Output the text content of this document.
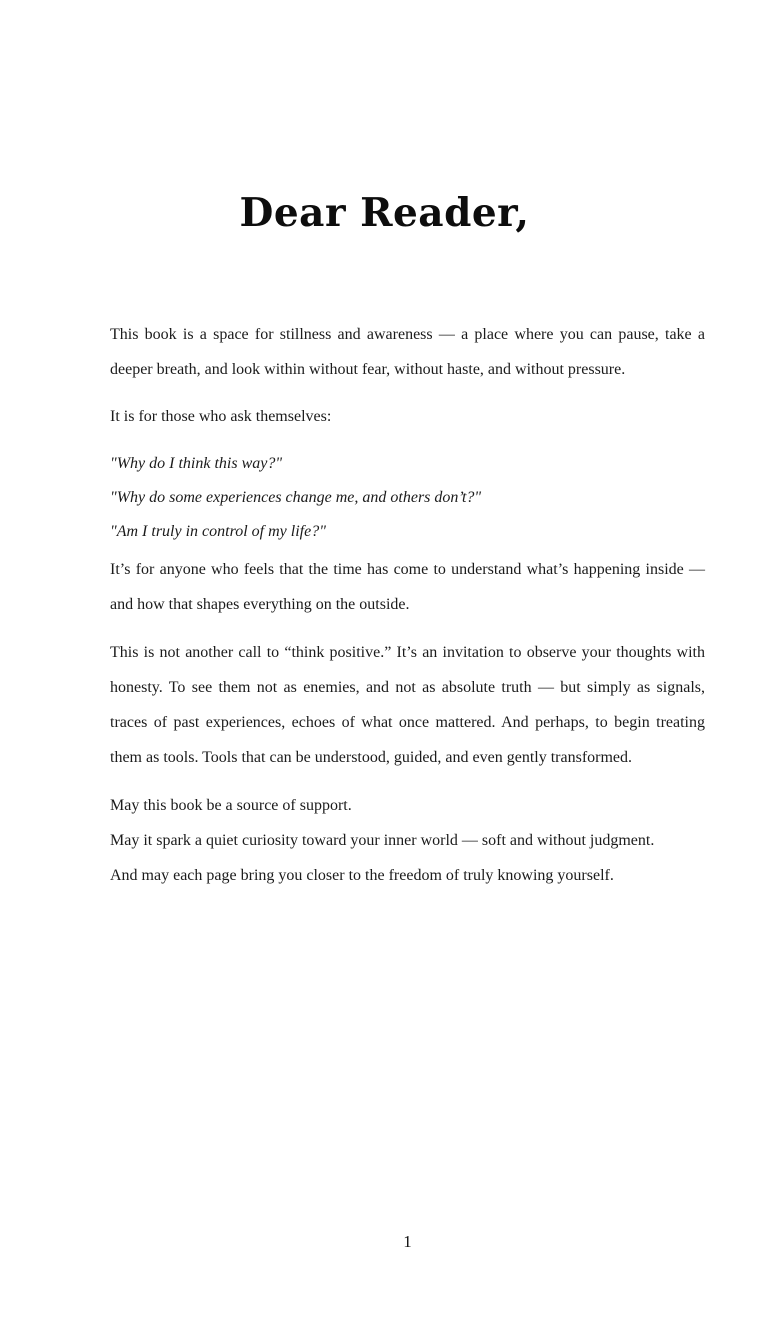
Dear Reader,

This book is a space for stillness and awareness — a place where you can pause, take a deeper breath, and look within without fear, without haste, and without pressure.

It is for those who ask themselves:

"Why do I think this way?"

"Why do some experiences change me, and others don’t?"

"Am I truly in control of my life?"

It’s for anyone who feels that the time has come to understand what’s happening inside — and how that shapes everything on the outside.

This is not another call to “think positive.” It’s an invitation to observe your thoughts with honesty. To see them not as enemies, and not as absolute truth — but simply as signals, traces of past experiences, echoes of what once mattered. And perhaps, to begin treating them as tools. Tools that can be understood, guided, and even gently transformed.

May this book be a source of support.

May it spark a quiet curiosity toward your inner world — soft and without judgment.

And may each page bring you closer to the freedom of truly knowing yourself.

1
